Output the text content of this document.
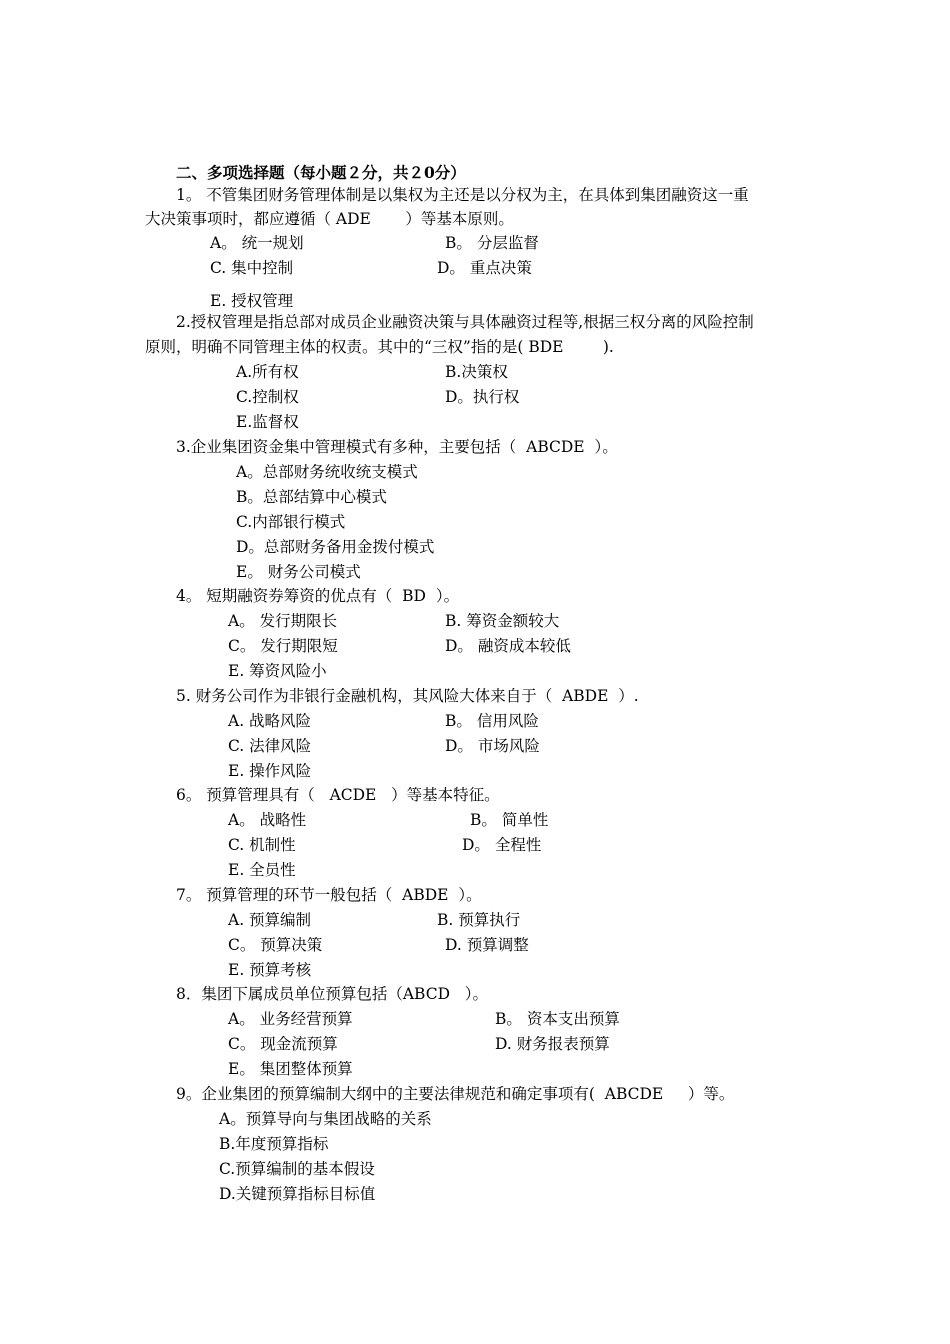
二、多项选择题（每小题２分，共２0分）
1。 不管集团财务管理体制是以集权为主还是以分权为主，在具体到集团融资这一重
大决策事项时，都应遵循（ ADE       ）等基本原则。
A。 统一规划	B。 分层监督
C. 集中控制	D。 重点决策
E. 授权管理
2.授权管理是指总部对成员企业融资决策与具体融资过程等,根据三权分离的风险控制
原则，明确不同管理主体的权责。其中的“三权”指的是( BDE        ).
A.所有权	B.决策权
C.控制权	D。执行权
E.监督权
3.企业集团资金集中管理模式有多种，主要包括（  ABCDE  ）。
A。总部财务统收统支模式
B。总部结算中心模式
C.内部银行模式
D。总部财务备用金拨付模式
E。 财务公司模式
4。 短期融资券筹资的优点有（  BD  ）。
A。 发行期限长	B. 筹资金额较大
C。 发行期限短	D。 融资成本较低
E. 筹资风险小
5. 财务公司作为非银行金融机构，其风险大体来自于（  ABDE  ）.
A. 战略风险	B。 信用风险
C. 法律风险	D。 市场风险
E. 操作风险
6。 预算管理具有（   ACDE   ）等基本特征。
A。 战略性	B。 简单性
C. 机制性	D。 全程性
E. 全员性
7。 预算管理的环节一般包括（  ABDE  ）。
A. 预算编制	B. 预算执行
C。 预算决策	D. 预算调整
E. 预算考核
8．集团下属成员单位预算包括（ABCD   ）。
A。 业务经营预算	B。 资本支出预算
C。 现金流预算	D. 财务报表预算
E。 集团整体预算
9。企业集团的预算编制大纲中的主要法律规范和确定事项有(  ABCDE     ）等。
A。预算导向与集团战略的关系
B.年度预算指标
C.预算编制的基本假设
D.关键预算指标目标值
